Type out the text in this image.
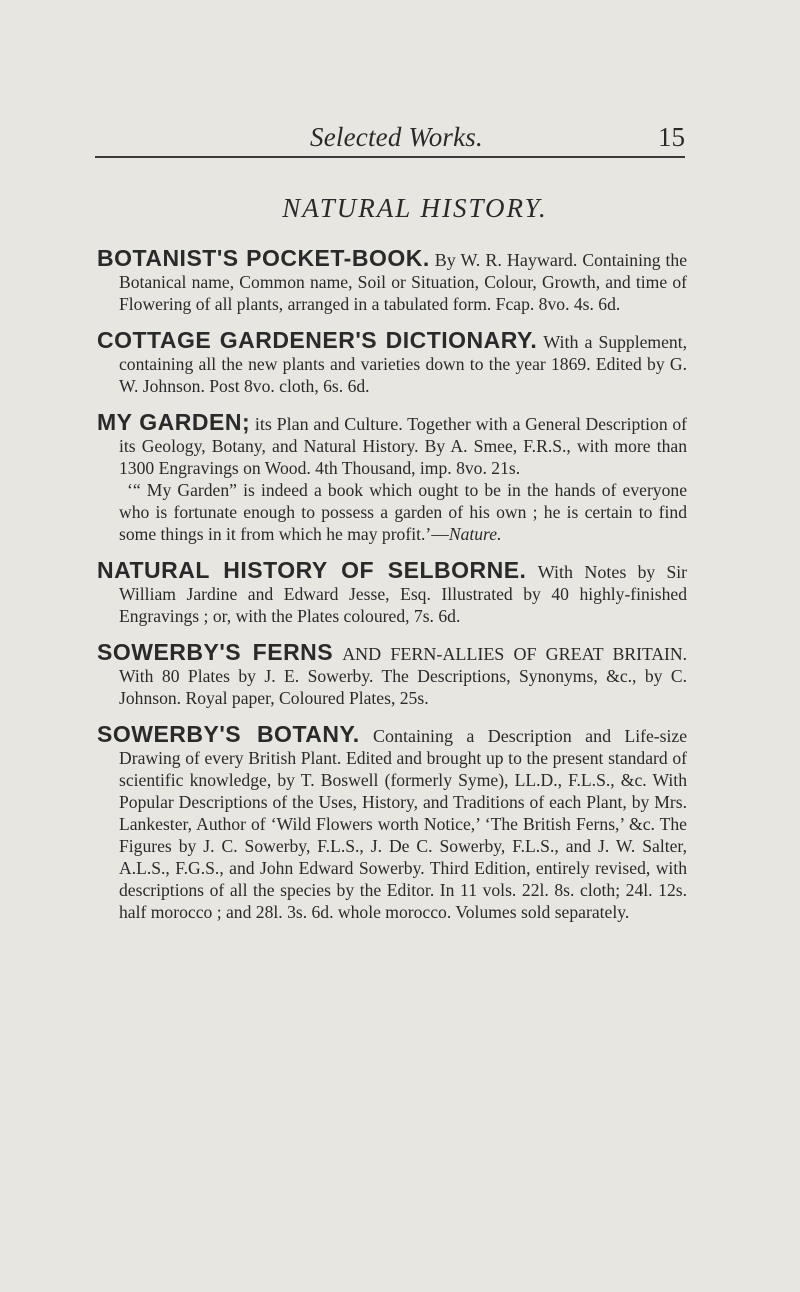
Selected Works.	15
NATURAL HISTORY.

BOTANIST'S POCKET-BOOK. By W. R. Hayward. Containing the Botanical name, Common name, Soil or Situation, Colour, Growth, and time of Flowering of all plants, arranged in a tabulated form. Fcap. 8vo. 4s. 6d.

COTTAGE GARDENER'S DICTIONARY. With a Supplement, containing all the new plants and varieties down to the year 1869. Edited by G. W. Johnson. Post 8vo. cloth, 6s. 6d.

MY GARDEN; its Plan and Culture. Together with a General Description of its Geology, Botany, and Natural History. By A. Smee, F.R.S., with more than 1300 Engravings on Wood. 4th Thousand, imp. 8vo. 21s.

‘“ My Garden” is indeed a book which ought to be in the hands of everyone who is fortunate enough to possess a garden of his own ; he is certain to find some things in it from which he may profit.’—Nature.

NATURAL HISTORY OF SELBORNE. With Notes by Sir William Jardine and Edward Jesse, Esq. Illustrated by 40 highly-finished Engravings ; or, with the Plates coloured, 7s. 6d.

SOWERBY'S FERNS AND FERN-ALLIES OF GREAT BRITAIN. With 80 Plates by J. E. Sowerby. The Descriptions, Synonyms, &c., by C. Johnson. Royal paper, Coloured Plates, 25s.

SOWERBY'S BOTANY. Containing a Description and Life-size Drawing of every British Plant. Edited and brought up to the present standard of scientific knowledge, by T. Boswell (formerly Syme), LL.D., F.L.S., &c. With Popular Descriptions of the Uses, History, and Traditions of each Plant, by Mrs. Lankester, Author of ‘Wild Flowers worth Notice,’ ‘The British Ferns,’ &c. The Figures by J. C. Sowerby, F.L.S., J. De C. Sowerby, F.L.S., and J. W. Salter, A.L.S., F.G.S., and John Edward Sowerby. Third Edition, entirely revised, with descriptions of all the species by the Editor. In 11 vols. 22l. 8s. cloth; 24l. 12s. half morocco ; and 28l. 3s. 6d. whole morocco. Volumes sold separately.
